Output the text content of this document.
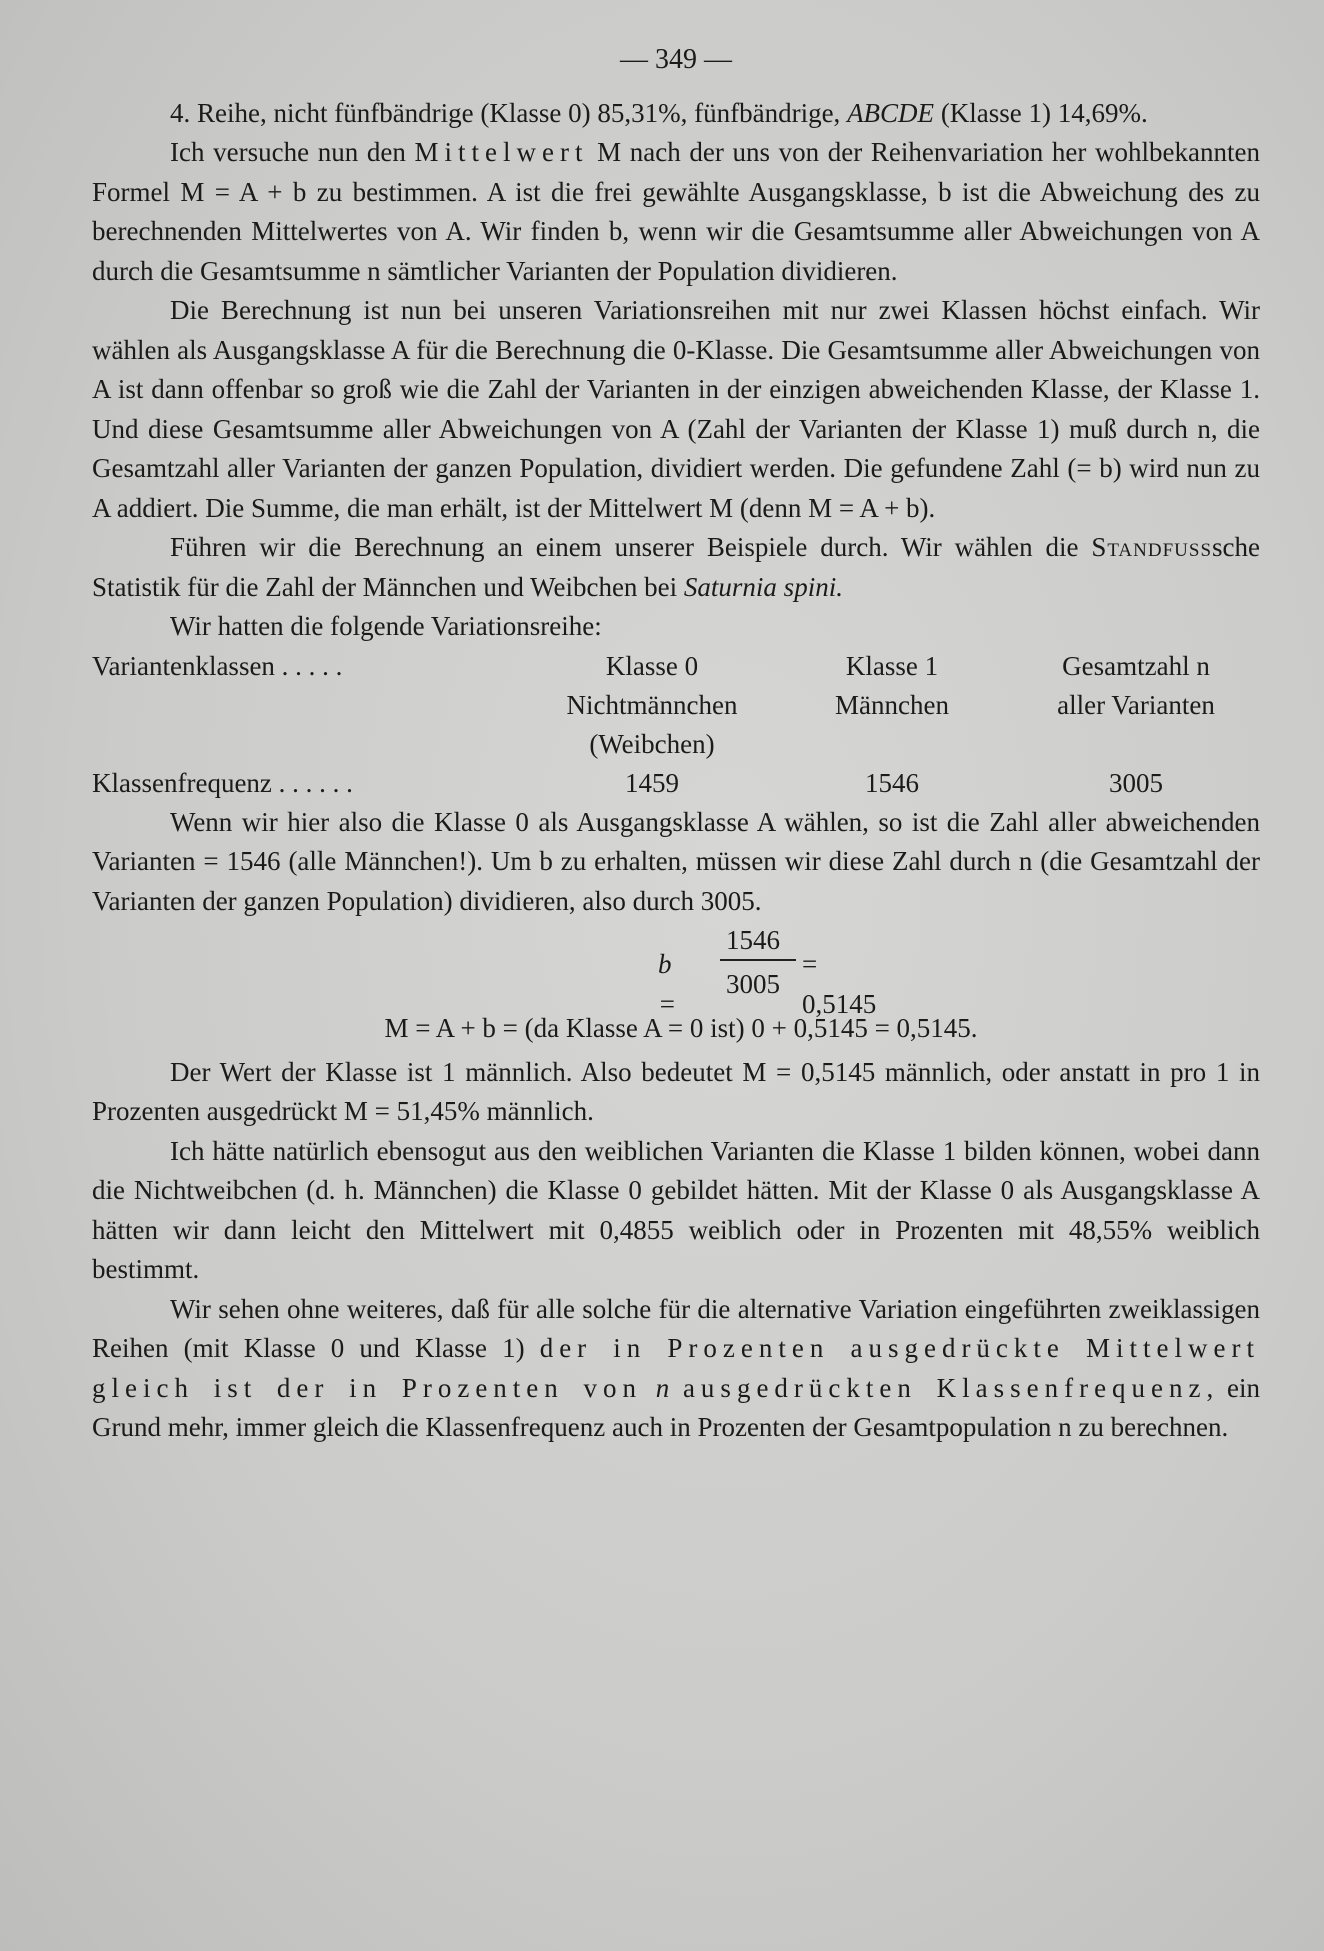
— 349 —

4. Reihe, nicht fünfbändrige (Klasse 0) 85,31%, fünfbändrige, ABCDE (Klasse 1) 14,69%.

Ich versuche nun den Mittelwert M nach der uns von der Reihenvariation her wohlbekannten Formel M = A + b zu bestimmen. A ist die frei gewählte Ausgangsklasse, b ist die Abweichung des zu berechnenden Mittelwertes von A. Wir finden b, wenn wir die Gesamtsumme aller Abweichungen von A durch die Gesamtsumme n sämtlicher Varianten der Population dividieren.

Die Berechnung ist nun bei unseren Variationsreihen mit nur zwei Klassen höchst einfach. Wir wählen als Ausgangsklasse A für die Berechnung die 0-Klasse. Die Gesamtsumme aller Abweichungen von A ist dann offenbar so groß wie die Zahl der Varianten in der einzigen abweichenden Klasse, der Klasse 1. Und diese Gesamtsumme aller Abweichungen von A (Zahl der Varianten der Klasse 1) muß durch n, die Gesamtzahl aller Varianten der ganzen Population, dividiert werden. Die gefundene Zahl (= b) wird nun zu A addiert. Die Summe, die man erhält, ist der Mittelwert M (denn M = A + b).

Führen wir die Berechnung an einem unserer Beispiele durch. Wir wählen die Standfusssche Statistik für die Zahl der Männchen und Weibchen bei Saturnia spini.

Wir hatten die folgende Variationsreihe:

Variantenklassen . . . . .	Klasse 0	Klasse 1	Gesamtzahl n
	Nichtmännchen	Männchen	aller Varianten
	(Weibchen)		
Klassenfrequenz . . . . . .	1459	1546	3005

Wenn wir hier also die Klasse 0 als Ausgangsklasse A wählen, so ist die Zahl aller abweichenden Varianten = 1546 (alle Männchen!). Um b zu erhalten, müssen wir diese Zahl durch n (die Gesamtzahl der Varianten der ganzen Population) dividieren, also durch 3005.

b =
1546
3005
= 0,5145
M = A + b = (da Klasse A = 0 ist) 0 + 0,5145 = 0,5145.

Der Wert der Klasse ist 1 männlich. Also bedeutet M = 0,5145 männlich, oder anstatt in pro 1 in Prozenten ausgedrückt M = 51,45% männlich.

Ich hätte natürlich ebensogut aus den weiblichen Varianten die Klasse 1 bilden können, wobei dann die Nichtweibchen (d. h. Männchen) die Klasse 0 gebildet hätten. Mit der Klasse 0 als Ausgangsklasse A hätten wir dann leicht den Mittelwert mit 0,4855 weiblich oder in Prozenten mit 48,55% weiblich bestimmt.

Wir sehen ohne weiteres, daß für alle solche für die alternative Variation eingeführten zweiklassigen Reihen (mit Klasse 0 und Klasse 1) der in Prozenten ausgedrückte Mittelwert gleich ist der in Prozenten von n ausgedrückten Klassenfrequenz, ein Grund mehr, immer gleich die Klassenfrequenz auch in Prozenten der Gesamtpopulation n zu berechnen.
